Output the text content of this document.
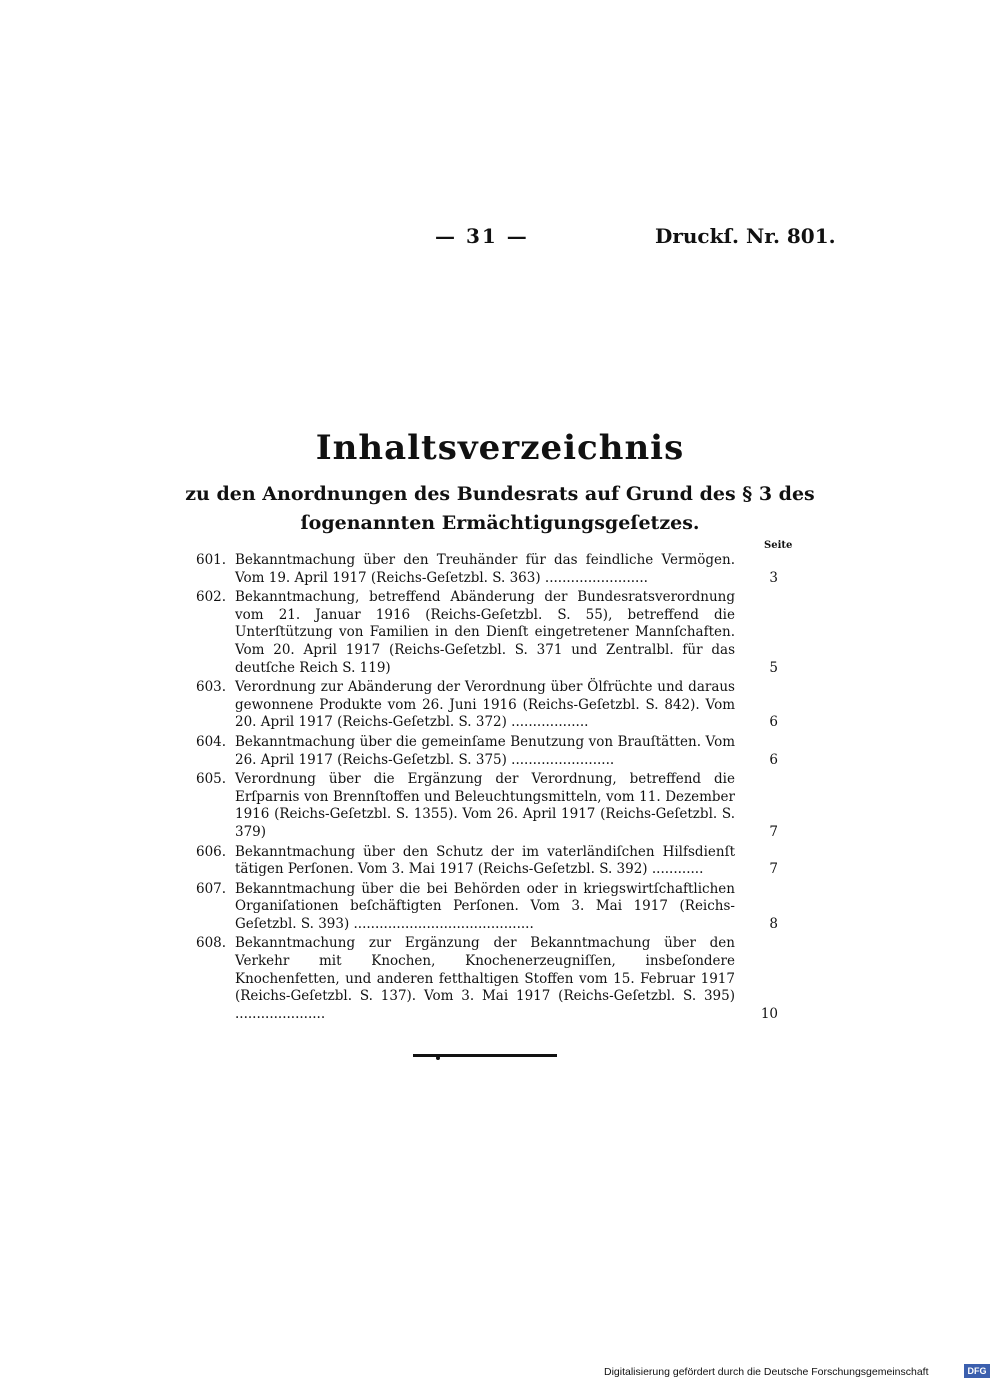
— 31 —	Druckſ. Nr. 801.
Inhaltsverzeichnis
zu den Anordnungen des Bundesrats auf Grund des § 3 des ſogenannten Ermächtigungsgeſetzes.
Seite
601. Bekanntmachung über den Treuhänder für das feindliche Vermögen. Vom 19. April 1917 (Reichs-Geſetzbl. S. 363) ........................	3
602. Bekanntmachung, betreffend Abänderung der Bundesratsverordnung vom 21. Januar 1916 (Reichs-Geſetzbl. S. 55), betreffend die Unterſtützung von Familien in den Dienſt eingetretener Mannſchaften. Vom 20. April 1917 (Reichs-Geſetzbl. S. 371 und Zentralbl. für das deutſche Reich S. 119)	5
603. Verordnung zur Abänderung der Verordnung über Ölfrüchte und daraus gewonnene Produkte vom 26. Juni 1916 (Reichs-Geſetzbl. S. 842). Vom 20. April 1917 (Reichs-Geſetzbl. S. 372) ..................	6
604. Bekanntmachung über die gemeinſame Benutzung von Brauſtätten. Vom 26. April 1917 (Reichs-Geſetzbl. S. 375) ........................	6
605. Verordnung über die Ergänzung der Verordnung, betreffend die Erſparnis von Brennſtoffen und Beleuchtungsmitteln, vom 11. Dezember 1916 (Reichs-Geſetzbl. S. 1355). Vom 26. April 1917 (Reichs-Geſetzbl. S. 379)	7
606. Bekanntmachung über den Schutz der im vaterländiſchen Hilfsdienſt tätigen Perſonen. Vom 3. Mai 1917 (Reichs-Geſetzbl. S. 392) ............	7
607. Bekanntmachung über die bei Behörden oder in kriegswirtſchaftlichen Organiſationen beſchäftigten Perſonen. Vom 3. Mai 1917 (Reichs-Geſetzbl. S. 393) ..........................................	8
608. Bekanntmachung zur Ergänzung der Bekanntmachung über den Verkehr mit Knochen, Knochenerzeugniſſen, insbeſondere Knochenfetten, und anderen fetthaltigen Stoffen vom 15. Februar 1917 (Reichs-Geſetzbl. S. 137). Vom 3. Mai 1917 (Reichs-Geſetzbl. S. 395) .....................	10
Digitalisierung gefördert durch die Deutsche Forschungsgemeinschaft	DFG
